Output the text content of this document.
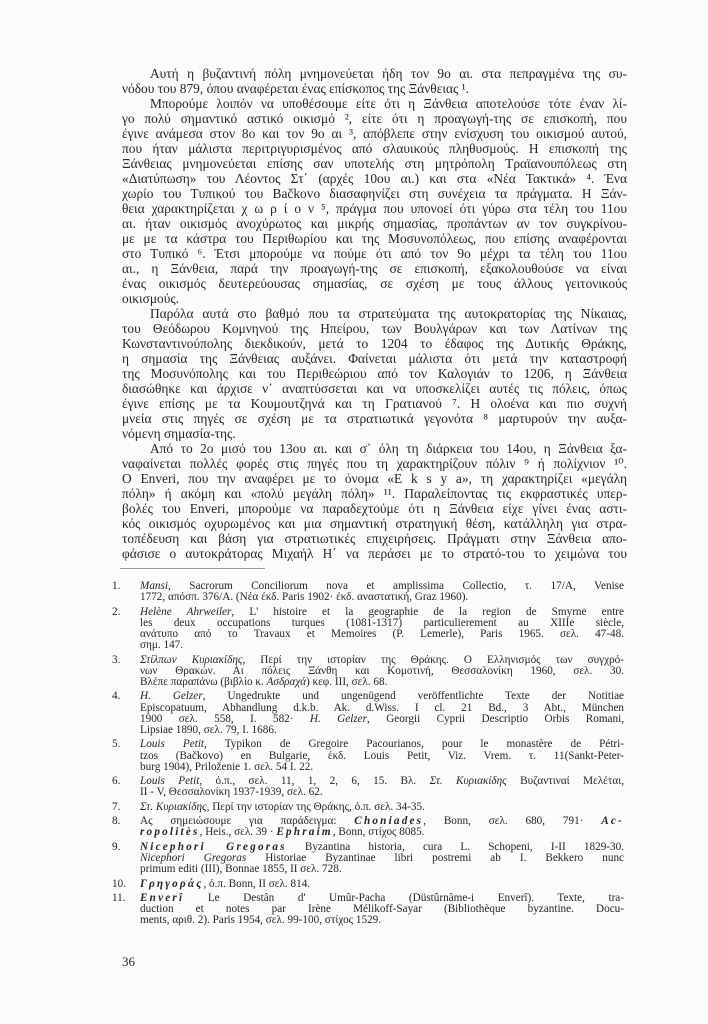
Αυτή η βυζαντινή πόλη μνημονεύεται ήδη τον 9ο αι. στα πεπραγμένα της συ-
νόδου του 879, όπου αναφέρεται ένας επίσκοπος της Ξάνθειας ¹.
Μπορούμε λοιπόν να υποθέσουμε είτε ότι η Ξάνθεια αποτελούσε τότε έναν λί-
γο πολύ σημαντικό αστικό οικισμό ², είτε ότι η προαγωγή-της σε επισκοπή, που
έγινε ανάμεσα στον 8ο και τον 9ο αι ³, απόβλεπε στην ενίσχυση του οικισμού αυτού,
που ήταν μάλιστα περιτριγυρισμένος από σλαυικούς πληθυσμούς. Η επισκοπή της
Ξάνθειας μνημονεύεται επίσης σαν υποτελής στη μητρόπολη Τραϊανουπόλεως στη
«Διατύπωση» του Λέοντος Στ΄ (αρχές 10ου αι.) και στα «Νέα Τακτικά» ⁴. Ένα
χωρίο του Τυπικού του Bačkovo διασαφηνίζει στη συνέχεια τα πράγματα. Η Ξάν-
θεια χαρακτηρίζεται χ ω ρ ί ο ν ⁵, πράγμα που υπονοεί ότι γύρω στα τέλη του 11ου
αι. ήταν οικισμός ανοχύρωτος και μικρής σημασίας, προπάντων αν τον συγκρίνου-
με με τα κάστρα του Περιθωρίου και της Μοσυνοπόλεως, που επίσης αναφέρονται
στο Τυπικό ⁶. Έτσι μπορούμε να πούμε ότι από τον 9ο μέχρι τα τέλη του 11ου
αι., η Ξάνθεια, παρά την προαγωγή-της σε επισκοπή, εξακολουθούσε να είναι
ένας οικισμός δευτερεύουσας σημασίας, σε σχέση με τους άλλους γειτονικούς
οικισμούς.
Παρόλα αυτά στο βαθμό που τα στρατεύματα της αυτοκρατορίας της Νίκαιας,
του Θεόδωρου Κομνηνού της Ηπείρου, των Βουλγάρων και των Λατίνων της
Κωνσταντινούπολης διεκδικούν, μετά το 1204 το έδαφος της Δυτικής Θράκης,
η σημασία της Ξάνθειας αυξάνει. Φαίνεται μάλιστα ότι μετά την καταστροφή
της Μοσυνόπολης και του Περιθεώριου από τον Καλογιάν το 1206, η Ξάνθεια
διασώθηκε και άρχισε ν᾽ αναπτύσσεται και να υποσκελίζει αυτές τις πόλεις, όπως
έγινε επίσης με τα Κουμουτζηνά και τη Γρατιανού ⁷. Η ολοένα και πιο συχνή
μνεία στις πηγές σε σχέση με τα στρατιωτικά γεγονότα ⁸ μαρτυρούν την αυξα-
νόμενη σημασία-της.
Από το 2ο μισό του 13ου αι. και σ᾽ όλη τη διάρκεια του 14ου, η Ξάνθεια ξα-
ναφαίνεται πολλές φορές στις πηγές που τη χαρακτηρίζουν πόλιν ⁹ ή πολίχνιον ¹⁰.
Ο Enveri, που την αναφέρει με το όνομα «E k s y a», τη χαρακτηρίζει «μεγάλη
πόλη» ή ακόμη και «πολύ μεγάλη πόλη» ¹¹. Παραλείποντας τις εκφραστικές υπερ-
βολές του Enveri, μπορούμε να παραδεχτούμε ότι η Ξάνθεια είχε γίνει ένας αστι-
κός οικισμός οχυρωμένος και μια σημαντική στρατηγική θέση, κατάλληλη για στρα-
τοπέδευση και βάση για στρατιωτικές επιχειρήσεις. Πράγματι στην Ξάνθεια απο-
φάσισε ο αυτοκράτορας Μιχαήλ Η΄ να περάσει με το στρατό-του το χειμώνα του
1.	Mansi, Sacrorum Conciliorum nova et amplissima Collectio, τ. 17/Α, Venise
1772, απόσπ. 376/Α. (Νέα έκδ. Paris 1902· έκδ. αναστατική, Graz 1960).
2.	Helène Ahrweiler, L' histoire et la geographie de la region de Smyrne entre
les deux occupations turques (1081-1317) particulierement au XIIIe siècle,
ανάτυπο από το Travaux et Memoires (P. Lemerle), Paris 1965. σελ. 47-48.
σημ. 147.
3.	Στίλπων Κυριακίδης, Περί την ιστορίαν της Θράκης. Ο Ελληνισμός των συγχρό-
νων Θρακών. Αι πόλεις Ξάνθη και Κομοτινή, Θεσσαλονίκη 1960, σελ. 30.
Βλέπε παραπάνω (βιβλίο κ. Ασδραχά) κεφ. III, σελ. 68.
4.	H. Gelzer, Ungedrukte und ungenügend veröffentlichte Texte der Notitiae
Episcopatuum, Abhandlung d.k.b. Ak. d.Wiss. I cl. 21 Bd., 3 Abt., München
1900 σελ. 558, I. 582· H. Gelzer, Georgii Cyprii Descriptio Orbis Romani,
Lipsiae 1890, σελ. 79, I. 1686.
5.	Louis Petit, Typikon de Gregoire Pacourianos, pour le monastère de Pétri-
tzos (Bačkovo) en Bulgarie, έκδ. Louis Petit, Viz. Vrem. τ. 11(Sankt-Peter-
burg 1904), Priloženie 1. σελ. 54 I. 22.
6.	Louis Petit, ό.π., σελ. 11, 1, 2, 6, 15. Βλ. Στ. Κυριακίδης Βυζαντιναί Μελέται,
II - V, Θεσσαλονίκη 1937-1939, σελ. 62.
7.	Στ. Κυριακίδης, Περί την ιστορίαν της Θράκης, ό.π. σελ. 34-35.
8.	Ας σημειώσουμε για παράδειγμα: Choniades, Bonn, σελ. 680, 791· Ac-
ropolitès, Heis., σελ. 39 · Ephraim, Bonn, στίχος 8085.
9.	Nicephori Gregoras Byzantina historia, cura L. Schopeni, I-II 1829-30.
Nicephori Gregoras Historiae Byzantinae libri postremi ab I. Bekkero nunc
primum editi (III), Bonnae 1855, II σελ. 728.
10.	Γρηγοράς, ό.π. Bonn, II σελ. 814.
11.	Enverî Le Destân d' Umûr-Pacha (Düstûrnâme-i Enverî). Texte, tra-
duction et notes par Irène Mélikoff-Sayar (Bibliothèque byzantine. Docu-
ments, αριθ. 2). Paris 1954, σελ. 99-100, στίχος 1529.
36
